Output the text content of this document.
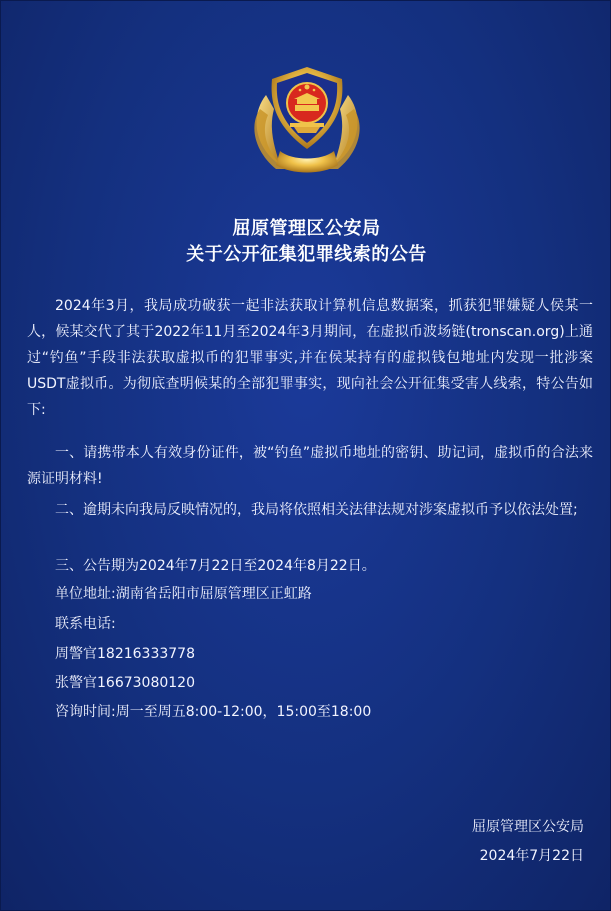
屈原管理区公安局
关于公开征集犯罪线索的公告

2024年3月，我局成功破获一起非法获取计算机信息数据案，抓获犯罪嫌疑人侯某一人，候某交代了其于2022年11月至2024年3月期间，在虚拟币波场链(tronscan.org)上通过“钓鱼”手段非法获取虚拟币的犯罪事实,并在侯某持有的虚拟钱包地址内发现一批涉案USDT虚拟币。为彻底查明候某的全部犯罪事实，现向社会公开征集受害人线索，特公告如下:

一、请携带本人有效身份证件，被“钓鱼”虚拟币地址的密钥、助记词，虚拟币的合法来源证明材料!

二、逾期未向我局反映情况的，我局将依照相关法律法规对涉案虚拟币予以依法处置;

三、公告期为2024年7月22日至2024年8月22日。

单位地址:湖南省岳阳市屈原管理区正虹路
联系电话:
周警官18216333778
张警官16673080120
咨询时间:周一至周五8:00-12:00，15:00至18:00
屈原管理区公安局
2024年7月22日
